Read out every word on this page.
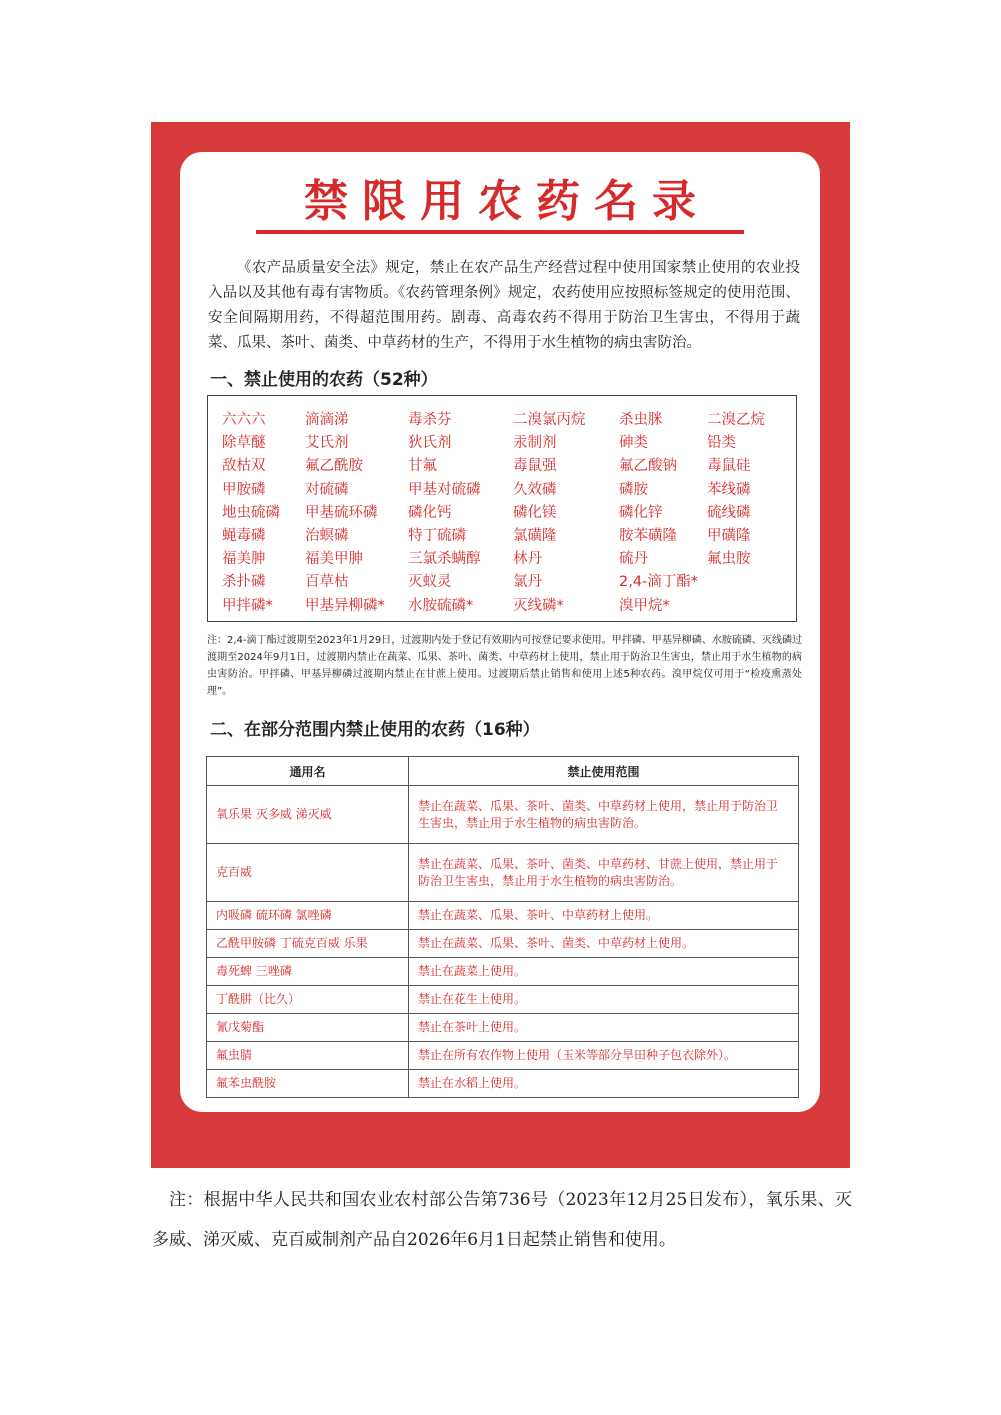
禁限用农药名录

《农产品质量安全法》规定，禁止在农产品生产经营过程中使用国家禁止使用的农业投入品以及其他有毒有害物质。《农药管理条例》规定，农药使用应按照标签规定的使用范围、安全间隔期用药，不得超范围用药。剧毒、高毒农药不得用于防治卫生害虫，不得用于蔬菜、瓜果、茶叶、菌类、中草药材的生产，不得用于水生植物的病虫害防治。

一、禁止使用的农药（52种）
六六六	滴滴涕	毒杀芬	二溴氯丙烷	杀虫脒	二溴乙烷
除草醚	艾氏剂	狄氏剂	汞制剂	砷类	铅类
敌枯双	氟乙酰胺	甘氟	毒鼠强	氟乙酸钠	毒鼠硅
甲胺磷	对硫磷	甲基对硫磷	久效磷	磷胺	苯线磷
地虫硫磷	甲基硫环磷	磷化钙	磷化镁	磷化锌	硫线磷
蝇毒磷	治螟磷	特丁硫磷	氯磺隆	胺苯磺隆	甲磺隆
福美胂	福美甲胂	三氯杀螨醇	林丹	硫丹	氟虫胺
杀扑磷	百草枯	灭蚁灵	氯丹	2,4-滴丁酯*
甲拌磷*	甲基异柳磷*	水胺硫磷*	灭线磷*	溴甲烷*

注：2,4-滴丁酯过渡期至2023年1月29日，过渡期内处于登记有效期内可按登记要求使用。甲拌磷、甲基异柳磷、水胺硫磷、灭线磷过渡期至2024年9月1日，过渡期内禁止在蔬菜、瓜果、茶叶、菌类、中草药材上使用，禁止用于防治卫生害虫，禁止用于水生植物的病虫害防治。甲拌磷、甲基异柳磷过渡期内禁止在甘蔗上使用。过渡期后禁止销售和使用上述5种农药。溴甲烷仅可用于“检疫熏蒸处理”。

二、在部分范围内禁止使用的农药（16种）
通用名	禁止使用范围
氧乐果 灭多威 涕灭威	禁止在蔬菜、瓜果、茶叶、菌类、中草药材上使用，禁止用于防治卫生害虫，禁止用于水生植物的病虫害防治。
克百威	禁止在蔬菜、瓜果、茶叶、菌类、中草药材、甘蔗上使用，禁止用于防治卫生害虫，禁止用于水生植物的病虫害防治。
内吸磷 硫环磷 氯唑磷	禁止在蔬菜、瓜果、茶叶、中草药材上使用。
乙酰甲胺磷 丁硫克百威 乐果	禁止在蔬菜、瓜果、茶叶、菌类、中草药材上使用。
毒死蜱 三唑磷	禁止在蔬菜上使用。
丁酰肼（比久）	禁止在花生上使用。
氰戊菊酯	禁止在茶叶上使用。
氟虫腈	禁止在所有农作物上使用（玉米等部分旱田种子包衣除外）。
氟苯虫酰胺	禁止在水稻上使用。

注：根据中华人民共和国农业农村部公告第736号（2023年12月25日发布），氧乐果、灭多威、涕灭威、克百威制剂产品自2026年6月1日起禁止销售和使用。
